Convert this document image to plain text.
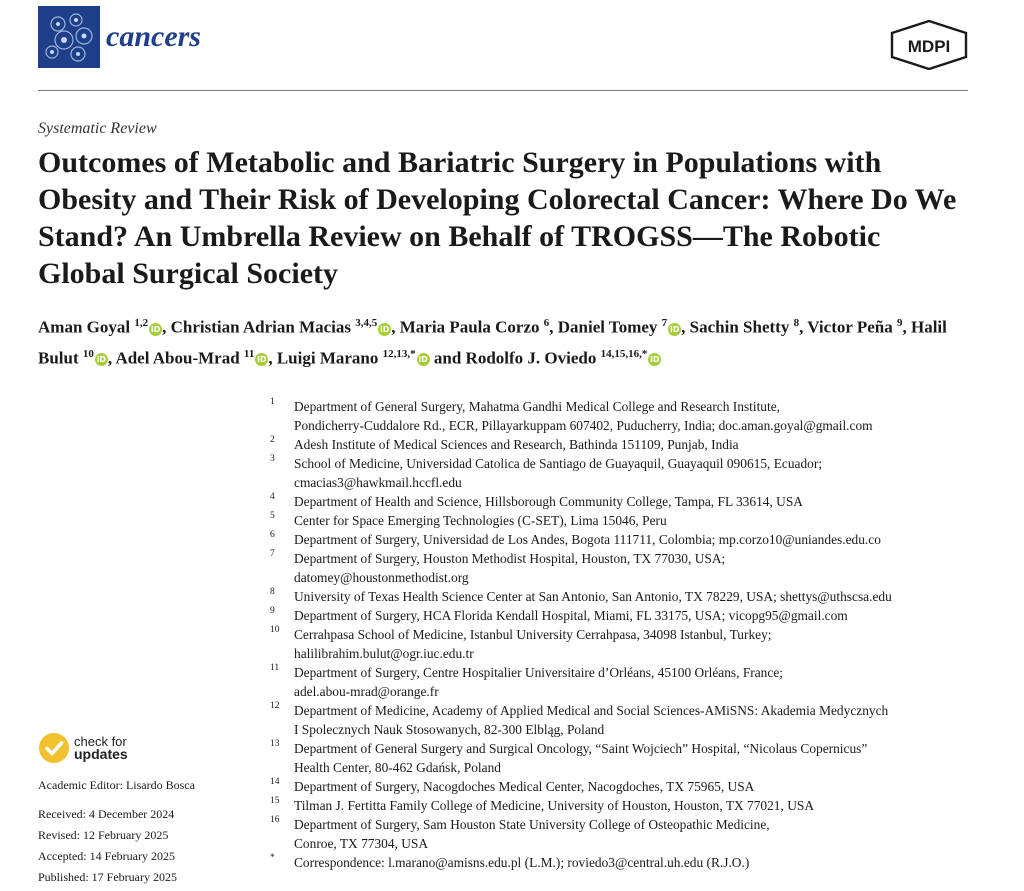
cancers	MDPI
Systematic Review
Outcomes of Metabolic and Bariatric Surgery in Populations with Obesity and Their Risk of Developing Colorectal Cancer: Where Do We Stand? An Umbrella Review on Behalf of TROGSS—The Robotic Global Surgical Society
Aman Goyal $^{1,2}$iD , Christian Adrian Macias $^{3,4,5}$iD , Maria Paula Corzo $^6$, Daniel Tomey $^7$iD , Sachin Shetty $^8$, Victor Peña $^9$, Halil Bulut $^{10}$iD , Adel Abou-Mrad $^{11}$iD , Luigi Marano $^{12,13,*}$iD and Rodolfo J. Oviedo $^{14,15,16,*}$iD
1 Department of General Surgery, Mahatma Gandhi Medical College and Research Institute,
Pondicherry-Cuddalore Rd., ECR, Pillayarkuppam 607402, Puducherry, India; doc.aman.goyal@gmail.com
2 Adesh Institute of Medical Sciences and Research, Bathinda 151109, Punjab, India
3 School of Medicine, Universidad Catolica de Santiago de Guayaquil, Guayaquil 090615, Ecuador;
cmacias3@hawkmail.hccfl.edu
4 Department of Health and Science, Hillsborough Community College, Tampa, FL 33614, USA
5 Center for Space Emerging Technologies (C-SET), Lima 15046, Peru
6 Department of Surgery, Universidad de Los Andes, Bogota 111711, Colombia; mp.corzo10@uniandes.edu.co
7 Department of Surgery, Houston Methodist Hospital, Houston, TX 77030, USA;
datomey@houstonmethodist.org
8 University of Texas Health Science Center at San Antonio, San Antonio, TX 78229, USA; shettys@uthscsa.edu
9 Department of Surgery, HCA Florida Kendall Hospital, Miami, FL 33175, USA; vicopg95@gmail.com
10 Cerrahpasa School of Medicine, Istanbul University Cerrahpasa, 34098 Istanbul, Turkey;
halilibrahim.bulut@ogr.iuc.edu.tr
11 Department of Surgery, Centre Hospitalier Universitaire d’Orléans, 45100 Orléans, France;
adel.abou-mrad@orange.fr
12 Department of Medicine, Academy of Applied Medical and Social Sciences-AMiSNS: Akademia Medycznych
I Spolecznych Nauk Stosowanych, 82-300 Elbląg, Poland
13 Department of General Surgery and Surgical Oncology, “Saint Wojciech” Hospital, “Nicolaus Copernicus”
Health Center, 80-462 Gdańsk, Poland
14 Department of Surgery, Nacogdoches Medical Center, Nacogdoches, TX 75965, USA
15 Tilman J. Fertitta Family College of Medicine, University of Houston, Houston, TX 77021, USA
16 Department of Surgery, Sam Houston State University College of Osteopathic Medicine,
Conroe, TX 77304, USA
* Correspondence: l.marano@amisns.edu.pl (L.M.); roviedo3@central.uh.edu (R.J.O.)
check for
updates
Academic Editor: Lisardo Bosca
Received: 4 December 2024
Revised: 12 February 2025
Accepted: 14 February 2025
Published: 17 February 2025
